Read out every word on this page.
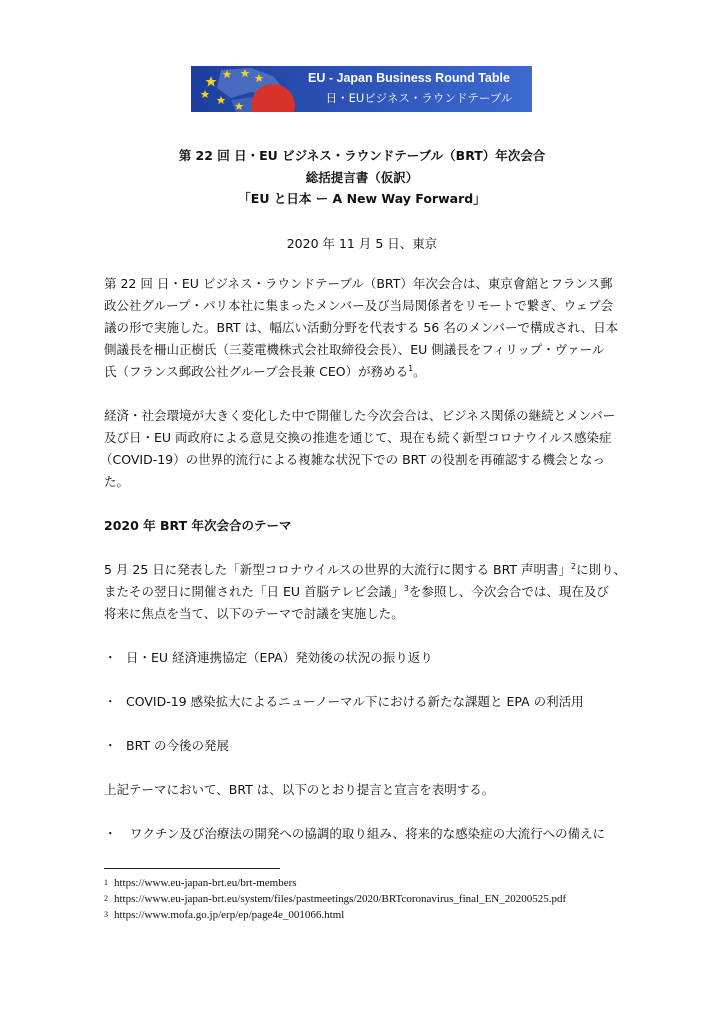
EU - Japan Business Round Table
日・EUビジネス・ラウンドテーブル
第 22 回 日・EU ビジネス・ラウンドテーブル（BRT）年次会合
総括提言書（仮訳）
「EU と日本 ー A New Way Forward」
2020 年 11 月 5 日、東京
第 22 回 日・EU ビジネス・ラウンドテーブル（BRT）年次会合は、東京會舘とフランス郵
政公社グループ・パリ本社に集まったメンバー及び当局関係者をリモートで繋ぎ、ウェブ会
議の形で実施した。BRT は、幅広い活動分野を代表する 56 名のメンバーで構成され、日本
側議長を柵山正樹氏（三菱電機株式会社取締役会長）、EU 側議長をフィリップ・ヴァール
氏（フランス郵政公社グループ会長兼 CEO）が務める$^1$。
経済・社会環境が大きく変化した中で開催した今次会合は、ビジネス関係の継続とメンバー
及び日・EU 両政府による意見交換の推進を通じて、現在も続く新型コロナウイルス感染症
（COVID-19）の世界的流行による複雑な状況下での BRT の役割を再確認する機会となっ
た。
2020 年 BRT 年次会合のテーマ
5 月 25 日に発表した「新型コロナウイルスの世界的大流行に関する BRT 声明書」$^2$に則り、
またその翌日に開催された「日 EU 首脳テレビ会議」$^3$を参照し、今次会合では、現在及び
将来に焦点を当て、以下のテーマで討議を実施した。
・ 日・EU 経済連携協定（EPA）発効後の状況の振り返り
・ COVID-19 感染拡大によるニューノーマル下における新たな課題と EPA の利活用
・ BRT の今後の発展
上記テーマにおいて、BRT は、以下のとおり提言と宣言を表明する。
・ ワクチン及び治療法の開発への協調的取り組み、将来的な感染症の大流行への備えに
1 https://www.eu-japan-brt.eu/brt-members
2 https://www.eu-japan-brt.eu/system/files/pastmeetings/2020/BRTcoronavirus_final_EN_20200525.pdf
3 https://www.mofa.go.jp/erp/ep/page4e_001066.html
